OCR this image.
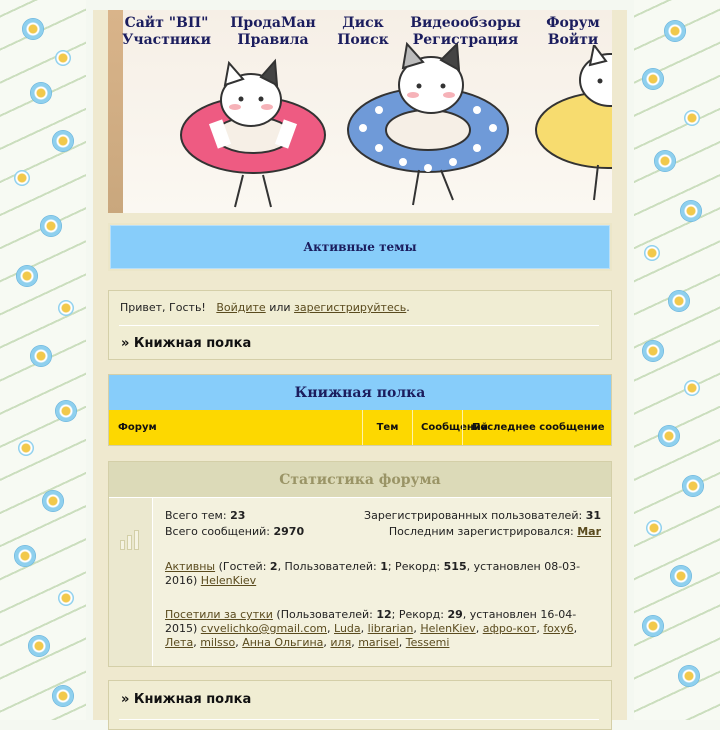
Сайт "ВП"
Участники
ПродаМан
Правила
Диск
Поиск
Видеообзоры
Регистрация
Форум
Войти
Активные темы
Привет, Гость! Войдите или зарегистрируйтесь.
» Книжная полка
Книжная полка
Форум	Тем	Сообщений
Последнее сообщение
Статистика форума
Всего тем: 23
Всего сообщений: 2970
Зарегистрированных пользователей: 31
Последним зарегистрировался: Mar
Активны (Гостей: 2, Пользователей: 1; Рекорд: 515, установлен 08-03-2016) HelenKiev
Посетили за сутки (Пользователей: 12; Рекорд: 29, установлен 16-04-2015) cvvelichko@gmail.com, Luda, librarian, HelenKiev, афро-кот, foxy6, Лета, milsso, Анна Ольгина, иля, marisel, Tessemi
» Книжная полка
